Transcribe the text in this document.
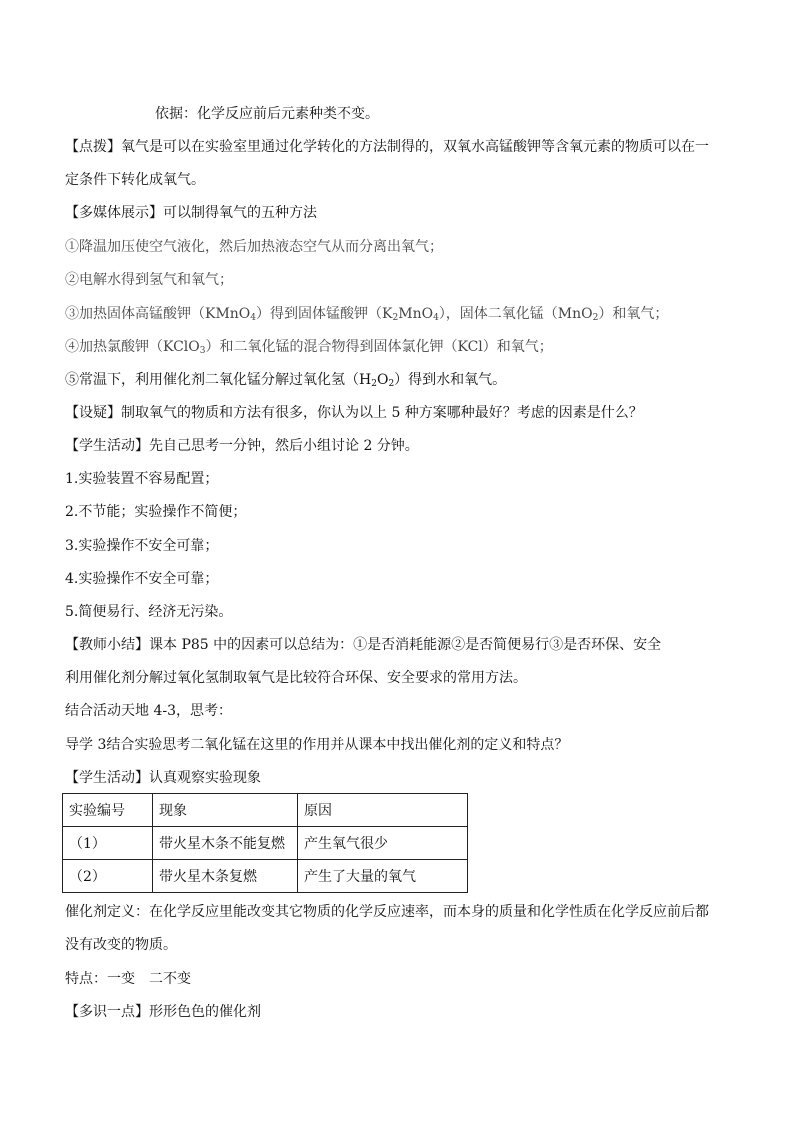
依据：化学反应前后元素种类不变。
【点拨】氧气是可以在实验室里通过化学转化的方法制得的，双氧水高锰酸钾等含氧元素的物质可以在一
定条件下转化成氧气。
【多媒体展示】可以制得氧气的五种方法
①降温加压使空气液化，然后加热液态空气从而分离出氧气；
②电解水得到氢气和氧气；
③加热固体高锰酸钾（KMnO$_4$）得到固体锰酸钾$(K_2MnO_4)$，固体二氧化锰（MnO$_2$）和氧气；
④加热氯酸钾（KClO$_3$）和二氧化锰的混合物得到固体氯化钾（KCl）和氧气；
⑤常温下，利用催化剂二氧化锰分解过氧化氢$(H_2O_2)$得到水和氧气。
【设疑】制取氧气的物质和方法有很多，你认为以上 5 种方案哪种最好？考虑的因素是什么？
【学生活动】先自己思考一分钟，然后小组讨论 2 分钟。
1.实验装置不容易配置；
2.不节能；实验操作不简便；
3.实验操作不安全可靠；
4.实验操作不安全可靠；
5.简便易行、经济无污染。
【教师小结】课本 P85 中的因素可以总结为：①是否消耗能源②是否简便易行③是否环保、安全
利用催化剂分解过氧化氢制取氧气是比较符合环保、安全要求的常用方法。
结合活动天地 4-3，思考：
导学 3结合实验思考二氧化锰在这里的作用并从课本中找出催化剂的定义和特点？
【学生活动】认真观察实验现象
实验编号	现象	原因
（1）	带火星木条不能复燃	产生氧气很少
（2）	带火星木条复燃	产生了大量的氧气
催化剂定义：在化学反应里能改变其它物质的化学反应速率，而本身的质量和化学性质在化学反应前后都
没有改变的物质。
特点：一变　二不变
【多识一点】形形色色的催化剂
